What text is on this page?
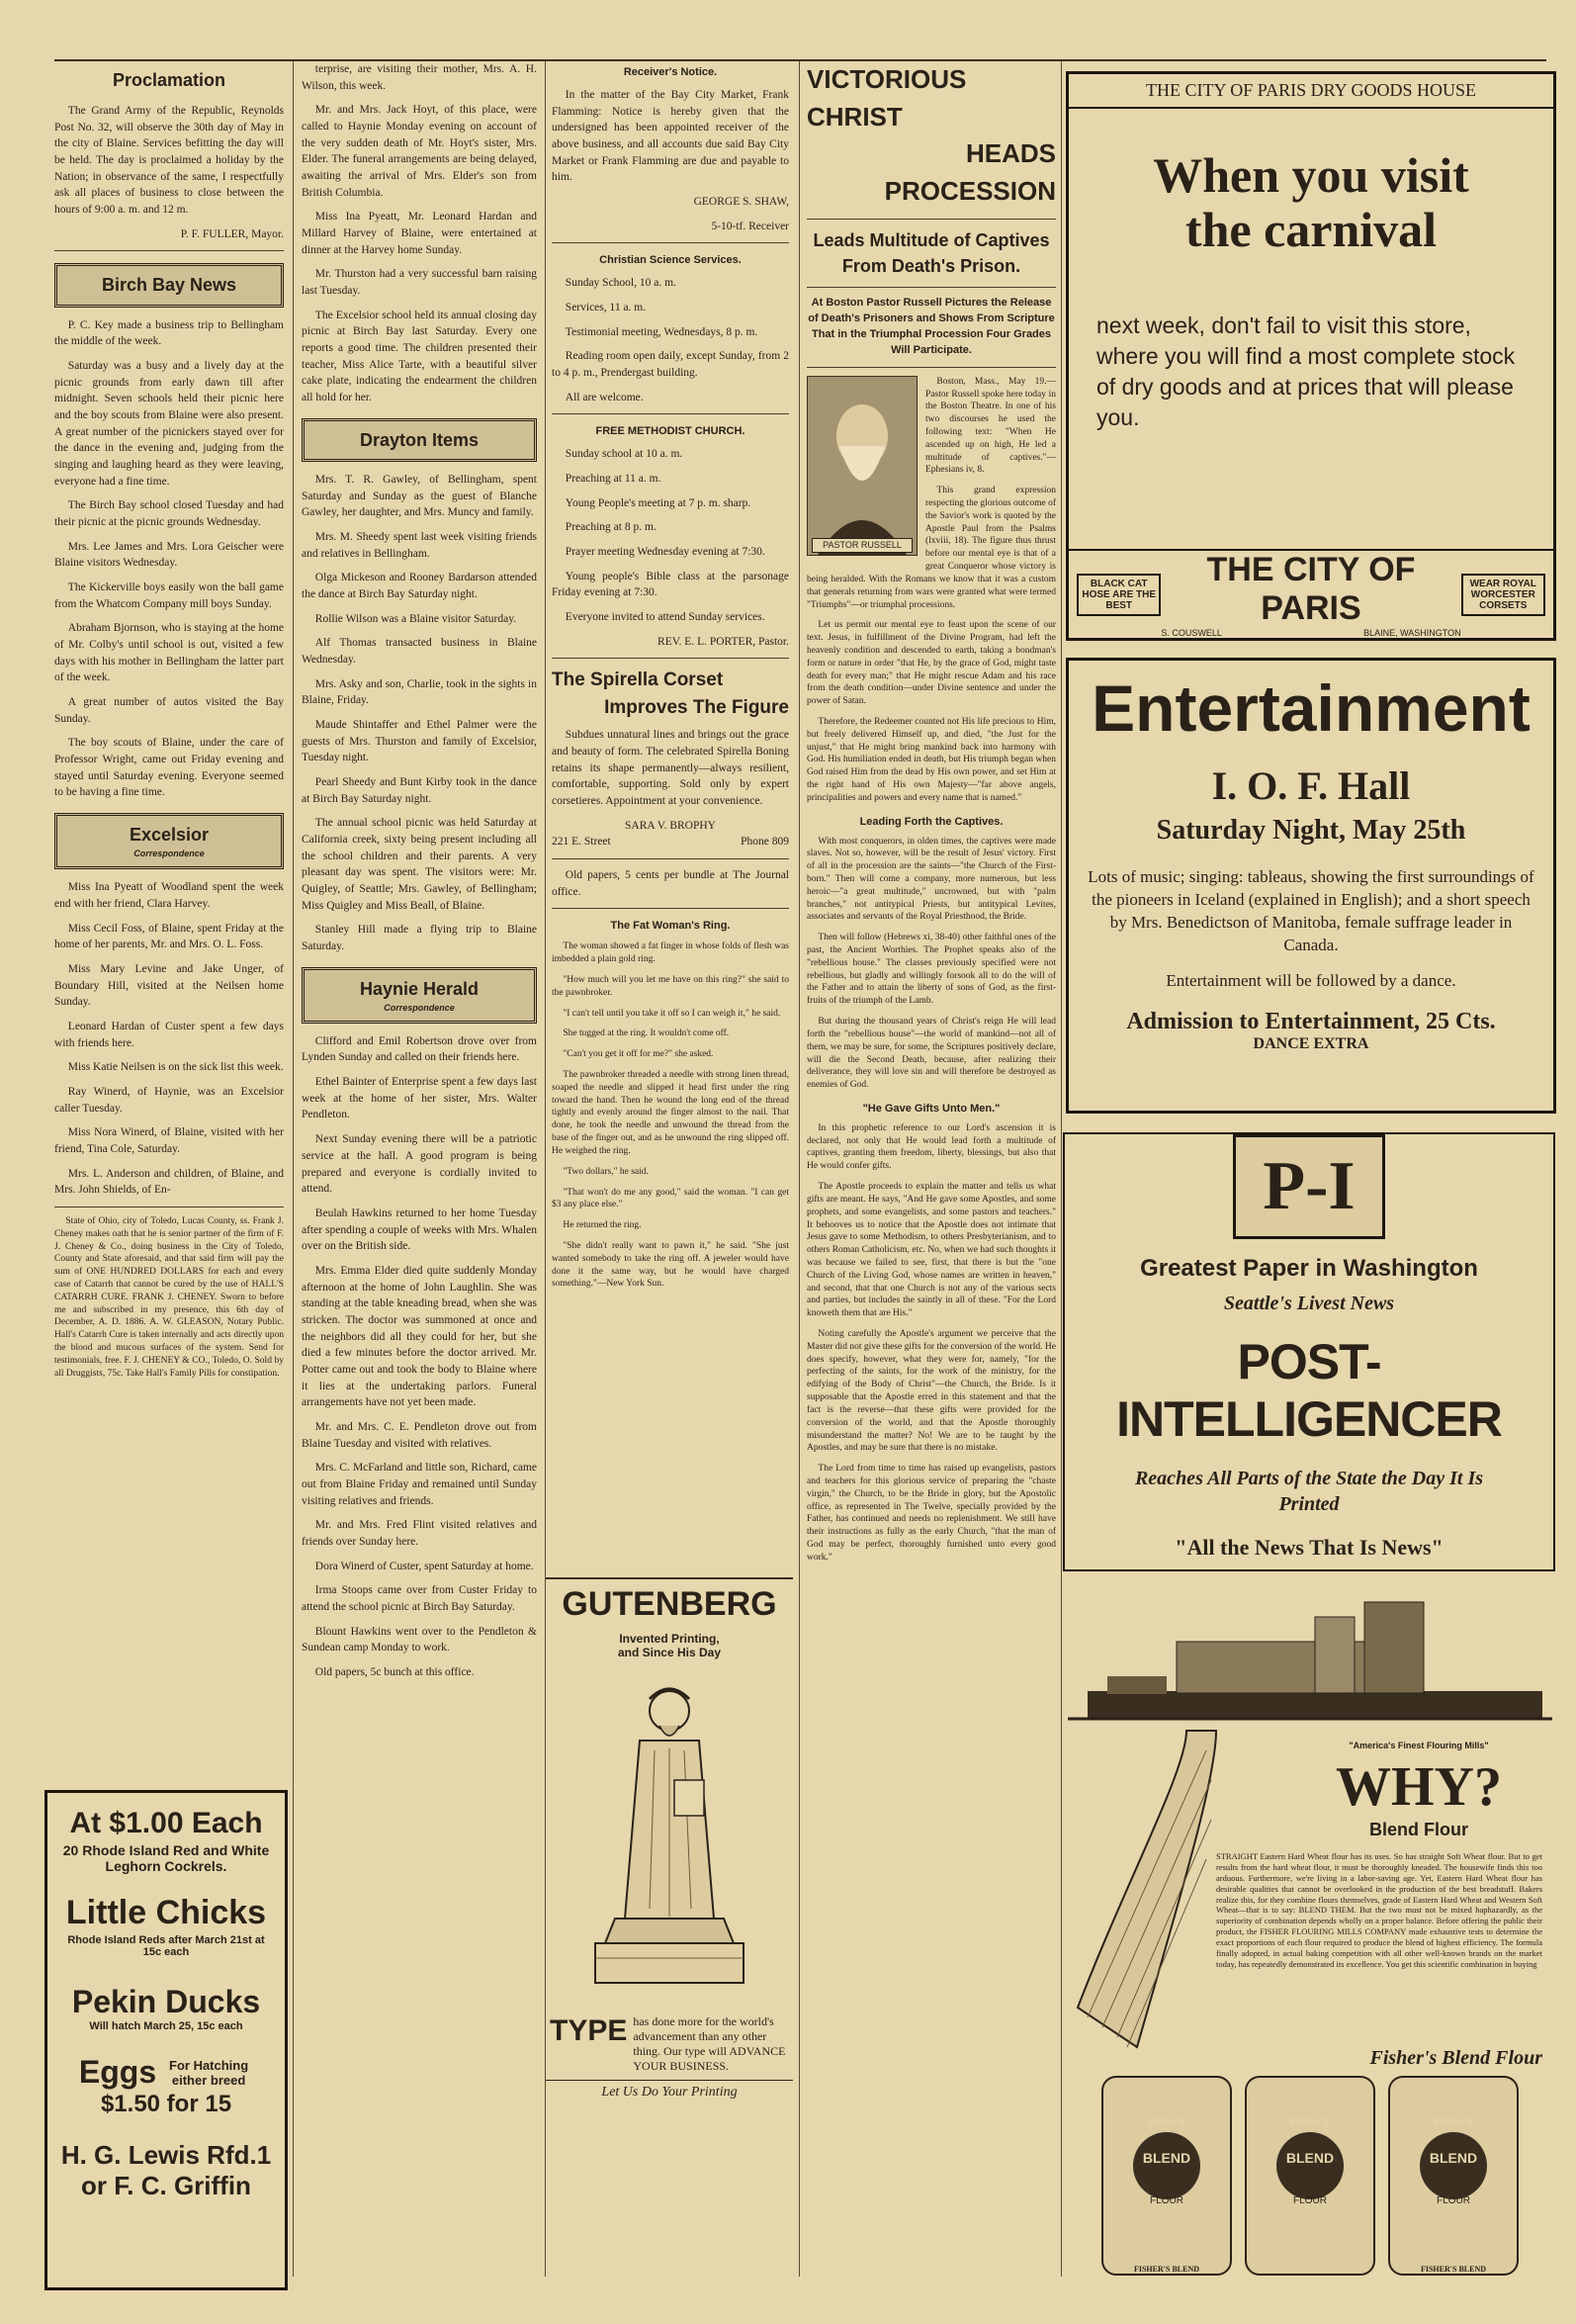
Proclamation

The Grand Army of the Republic, Reynolds Post No. 32, will observe the 30th day of May in the city of Blaine. Services befitting the day will be held. The day is proclaimed a holiday by the Nation; in observance of the same, I respectfully ask all places of business to close between the hours of 9:00 a. m. and 12 m.

P. F. FULLER, Mayor.
Birch Bay News

P. C. Key made a business trip to Bellingham the middle of the week.

Saturday was a busy and a lively day at the picnic grounds from early dawn till after midnight. Seven schools held their picnic here and the boy scouts from Blaine were also present. A great number of the picnickers stayed over for the dance in the evening and, judging from the singing and laughing heard as they were leaving, everyone had a fine time.

The Birch Bay school closed Tuesday and had their picnic at the picnic grounds Wednesday.

Mrs. Lee James and Mrs. Lora Geischer were Blaine visitors Wednesday.

The Kickerville boys easily won the ball game from the Whatcom Company mill boys Sunday.

Abraham Bjornson, who is staying at the home of Mr. Colby's until school is out, visited a few days with his mother in Bellingham the latter part of the week.

A great number of autos visited the Bay Sunday.

The boy scouts of Blaine, under the care of Professor Wright, came out Friday evening and stayed until Saturday evening. Everyone seemed to be having a fine time.

Excelsior
Correspondence

Miss Ina Pyeatt of Woodland spent the week end with her friend, Clara Harvey.

Miss Cecil Foss, of Blaine, spent Friday at the home of her parents, Mr. and Mrs. O. L. Foss.

Miss Mary Levine and Jake Unger, of Boundary Hill, visited at the Neilsen home Sunday.

Leonard Hardan of Custer spent a few days with friends here.

Miss Katie Neilsen is on the sick list this week.

Ray Winerd, of Haynie, was an Excelsior caller Tuesday.

Miss Nora Winerd, of Blaine, visited with her friend, Tina Cole, Saturday.

Mrs. L. Anderson and children, of Blaine, and Mrs. John Shields, of En-

State of Ohio, city of Toledo, Lucas County, ss. Frank J. Cheney makes oath that he is senior partner of the firm of F. J. Cheney & Co., doing business in the City of Toledo, County and State aforesaid, and that said firm will pay the sum of ONE HUNDRED DOLLARS for each and every case of Catarrh that cannot be cured by the use of HALL'S CATARRH CURE. FRANK J. CHENEY. Sworn to before me and subscribed in my presence, this 6th day of December, A. D. 1886. A. W. GLEASON, Notary Public. Hall's Catarrh Cure is taken internally and acts directly upon the blood and mucous surfaces of the system. Send for testimonials, free. F. J. CHENEY & CO., Toledo, O. Sold by all Druggists, 75c. Take Hall's Family Pills for constipation.

At $1.00 Each
20 Rhode Island Red and White Leghorn Cockrels.
Little Chicks
Rhode Island Reds after March 21st at 15c each
Pekin Ducks
Will hatch March 25, 15c each
Eggs For Hatching either breed
$1.50 for 15
H. G. Lewis Rfd.1
or F. C. Griffin

terprise, are visiting their mother, Mrs. A. H. Wilson, this week.

Mr. and Mrs. Jack Hoyt, of this place, were called to Haynie Monday evening on account of the very sudden death of Mr. Hoyt's sister, Mrs. Elder. The funeral arrangements are being delayed, awaiting the arrival of Mrs. Elder's son from British Columbia.

Miss Ina Pyeatt, Mr. Leonard Hardan and Millard Harvey of Blaine, were entertained at dinner at the Harvey home Sunday.

Mr. Thurston had a very successful barn raising last Tuesday.

The Excelsior school held its annual closing day picnic at Birch Bay last Saturday. Every one reports a good time. The children presented their teacher, Miss Alice Tarte, with a beautiful silver cake plate, indicating the endearment the children all hold for her.

Drayton Items

Mrs. T. R. Gawley, of Bellingham, spent Saturday and Sunday as the guest of Blanche Gawley, her daughter, and Mrs. Muncy and family.

Mrs. M. Sheedy spent last week visiting friends and relatives in Bellingham.

Olga Mickeson and Rooney Bardarson attended the dance at Birch Bay Saturday night.

Rollie Wilson was a Blaine visitor Saturday.

Alf Thomas transacted business in Blaine Wednesday.

Mrs. Asky and son, Charlie, took in the sights in Blaine, Friday.

Maude Shintaffer and Ethel Palmer were the guests of Mrs. Thurston and family of Excelsior, Tuesday night.

Pearl Sheedy and Bunt Kirby took in the dance at Birch Bay Saturday night.

The annual school picnic was held Saturday at California creek, sixty being present including all the school children and their parents. A very pleasant day was spent. The visitors were: Mr. Quigley, of Seattle; Mrs. Gawley, of Bellingham; Miss Quigley and Miss Beall, of Blaine.

Stanley Hill made a flying trip to Blaine Saturday.

Haynie Herald
Correspondence

Clifford and Emil Robertson drove over from Lynden Sunday and called on their friends here.

Ethel Bainter of Enterprise spent a few days last week at the home of her sister, Mrs. Walter Pendleton.

Next Sunday evening there will be a patriotic service at the hall. A good program is being prepared and everyone is cordially invited to attend.

Beulah Hawkins returned to her home Tuesday after spending a couple of weeks with Mrs. Whalen over on the British side.

Mrs. Emma Elder died quite suddenly Monday afternoon at the home of John Laughlin. She was standing at the table kneading bread, when she was stricken. The doctor was summoned at once and the neighbors did all they could for her, but she died a few minutes before the doctor arrived. Mr. Potter came out and took the body to Blaine where it lies at the undertaking parlors. Funeral arrangements have not yet been made.

Mr. and Mrs. C. E. Pendleton drove out from Blaine Tuesday and visited with relatives.

Mrs. C. McFarland and little son, Richard, came out from Blaine Friday and remained until Sunday visiting relatives and friends.

Mr. and Mrs. Fred Flint visited relatives and friends over Sunday here.

Dora Winerd of Custer, spent Saturday at home.

Irma Stoops came over from Custer Friday to attend the school picnic at Birch Bay Saturday.

Blount Hawkins went over to the Pendleton & Sundean camp Monday to work.

Old papers, 5c bunch at this office.

Receiver's Notice.

In the matter of the Bay City Market, Frank Flamming: Notice is hereby given that the undersigned has been appointed receiver of the above business, and all accounts due said Bay City Market or Frank Flamming are due and payable to him.

GEORGE S. SHAW,
5-10-tf. Receiver
Christian Science Services.

Sunday School, 10 a. m.

Services, 11 a. m.

Testimonial meeting, Wednesdays, 8 p. m.

Reading room open daily, except Sunday, from 2 to 4 p. m., Prendergast building.

All are welcome.

FREE METHODIST CHURCH.

Sunday school at 10 a. m.

Preaching at 11 a. m.

Young People's meeting at 7 p. m. sharp.

Preaching at 8 p. m.

Prayer meeting Wednesday evening at 7:30.

Young people's Bible class at the parsonage Friday evening at 7:30.

Everyone invited to attend Sunday services.

REV. E. L. PORTER, Pastor.
The Spirella Corset
Improves The Figure

Subdues unnatural lines and brings out the grace and beauty of form. The celebrated Spirella Boning retains its shape permanently—always resilient, comfortable, supporting. Sold only by expert corsetieres. Appointment at your convenience.

SARA V. BROPHY
221 E. Street	Phone 809

Old papers, 5 cents per bundle at The Journal office.

The Fat Woman's Ring.

The woman showed a fat finger in whose folds of flesh was imbedded a plain gold ring.

"How much will you let me have on this ring?" she said to the pawnbroker.

"I can't tell until you take it off so I can weigh it," he said.

She tugged at the ring. It wouldn't come off.

"Can't you get it off for me?" she asked.

The pawnbroker threaded a needle with strong linen thread, soaped the needle and slipped it head first under the ring toward the hand. Then he wound the long end of the thread tightly and evenly around the finger almost to the nail. That done, he took the needle and unwound the thread from the base of the finger out, and as he unwound the ring slipped off. He weighed the ring.

"Two dollars," he said.

"That won't do me any good," said the woman. "I can get $3 any place else."

He returned the ring.

"She didn't really want to pawn it," he said. "She just wanted somebody to take the ring off. A jeweler would have done it the same way, but he would have charged something."—New York Sun.

GUTENBERG
Invented Printing,
and Since His Day
TYPE has done more for the world's advancement than any other thing. Our type will ADVANCE YOUR BUSINESS.
Let Us Do Your Printing
VICTORIOUS CHRIST
HEADS PROCESSION
Leads Multitude of Captives From Death's Prison.
At Boston Pastor Russell Pictures the Release of Death's Prisoners and Shows From Scripture That in the Triumphal Procession Four Grades Will Participate.
PASTOR RUSSELL

Boston, Mass., May 19.—Pastor Russell spoke here today in the Boston Theatre. In one of his two discourses he used the following text: "When He ascended up on high, He led a multitude of captives."—Ephesians iv, 8.

This grand expression respecting the glorious outcome of the Savior's work is quoted by the Apostle Paul from the Psalms (lxviii, 18). The figure thus thrust before our mental eye is that of a great Conqueror whose victory is being heralded. With the Romans we know that it was a custom that generals returning from wars were granted what were termed "Triumphs"—or triumphal processions.

Let us permit our mental eye to feast upon the scene of our text. Jesus, in fulfillment of the Divine Program, had left the heavenly condition and descended to earth, taking a bondman's form or nature in order "that He, by the grace of God, might taste death for every man;" that He might rescue Adam and his race from the death condition—under Divine sentence and under the power of Satan.

Therefore, the Redeemer counted not His life precious to Him, but freely delivered Himself up, and died, "the Just for the unjust," that He might bring mankind back into harmony with God. His humiliation ended in death, but His triumph began when God raised Him from the dead by His own power, and set Him at the right hand of His own Majesty—"far above angels, principalities and powers and every name that is named."

Leading Forth the Captives.

With most conquerors, in olden times, the captives were made slaves. Not so, however, will be the result of Jesus' victory. First of all in the procession are the saints—"the Church of the First-born." Then will come a company, more numerous, but less heroic—"a great multitude," uncrowned, but with "palm branches," not antitypical Priests, but antitypical Levites, associates and servants of the Royal Priesthood, the Bride.

Then will follow (Hebrews xi, 38-40) other faithful ones of the past, the Ancient Worthies. The Prophet speaks also of the "rebellious house." The classes previously specified were not rebellious, but gladly and willingly forsook all to do the will of the Father and to attain the liberty of sons of God, as the first-fruits of the triumph of the Lamb.

But during the thousand years of Christ's reign He will lead forth the "rebellious house"—the world of mankind—not all of them, we may be sure, for some, the Scriptures positively declare, will die the Second Death, because, after realizing their deliverance, they will love sin and will therefore be destroyed as enemies of God.

"He Gave Gifts Unto Men."

In this prophetic reference to our Lord's ascension it is declared, not only that He would lead forth a multitude of captives, granting them freedom, liberty, blessings, but also that He would confer gifts.

The Apostle proceeds to explain the matter and tells us what gifts are meant. He says, "And He gave some Apostles, and some prophets, and some evangelists, and some pastors and teachers." It behooves us to notice that the Apostle does not intimate that Jesus gave to some Methodism, to others Presbyterianism, and to others Roman Catholicism, etc. No, when we had such thoughts it was because we failed to see, first, that there is but the "one Church of the Living God, whose names are written in heaven," and second, that that one Church is not any of the various sects and parties, but includes the saintly in all of these. "For the Lord knoweth them that are His."

Noting carefully the Apostle's argument we perceive that the Master did not give these gifts for the conversion of the world. He does specify, however, what they were for, namely, "for the perfecting of the saints, for the work of the ministry, for the edifying of the Body of Christ"—the Church, the Bride. Is it supposable that the Apostle erred in this statement and that the fact is the reverse—that these gifts were provided for the conversion of the world, and that the Apostle thoroughly misunderstand the matter? No! We are to be taught by the Apostles, and may be sure that there is no mistake.

The Lord from time to time has raised up evangelists, pastors and teachers for this glorious service of preparing the "chaste virgin," the Church, to be the Bride in glory, but the Apostolic office, as represented in The Twelve, specially provided by the Father, has continued and needs no replenishment. We still have their instructions as fully as the early Church, "that the man of God may be perfect, thoroughly furnished unto every good work."

THE CITY OF PARIS DRY GOODS HOUSE
When you visit
the carnival
next week, don't fail to visit this store, where you will find a most complete stock of dry goods and at prices that will please you.
BLACK CAT HOSE ARE THE BEST
THE CITY OF PARIS
S. COUSWELL	BLAINE, WASHINGTON
WEAR ROYAL WORCESTER CORSETS
Entertainment
I. O. F. Hall
Saturday Night, May 25th
Lots of music; singing: tableaus, showing the first surroundings of the pioneers in Iceland (explained in English); and a short speech by Mrs. Benedictson of Manitoba, female suffrage leader in Canada.
Entertainment will be followed by a dance.
Admission to Entertainment, 25 Cts.
DANCE EXTRA
P-I
Greatest Paper in Washington
Seattle's Livest News
POST-INTELLIGENCER
Reaches All Parts of the State the Day It Is Printed
"All the News That Is News"
"America's Finest Flouring Mills"
WHY?
Blend Flour
STRAIGHT Eastern Hard Wheat flour has its uses. So has straight Soft Wheat flour. But to get results from the hard wheat flour, it must be thoroughly kneaded. The housewife finds this too arduous. Furthermore, we're living in a labor-saving age. Yet, Eastern Hard Wheat flour has desirable qualities that cannot be overlooked in the production of the best breadstuff. Bakers realize this, for they combine flours themselves, grade of Eastern Hard Wheat and Western Soft Wheat—that is to say: BLEND THEM. But the two must not be mixed haphazardly, as the superiority of combination depends wholly on a proper balance. Before offering the public their product, the FISHER FLOURING MILLS COMPANY made exhaustive tests to determine the exact proportions of each flour required to produce the blend of highest efficiency. The formula finally adopted, in actual baking competition with all other well-known brands on the market today, has repeatedly demonstrated its excellence. You get this scientific combination in buying
Fisher's Blend Flour
Fisher's
BLEND
FLOUR
Fisher's
BLEND
FLOUR
Fisher's
BLEND
FLOUR
FISHER'S BLEND	FISHER'S BLEND
